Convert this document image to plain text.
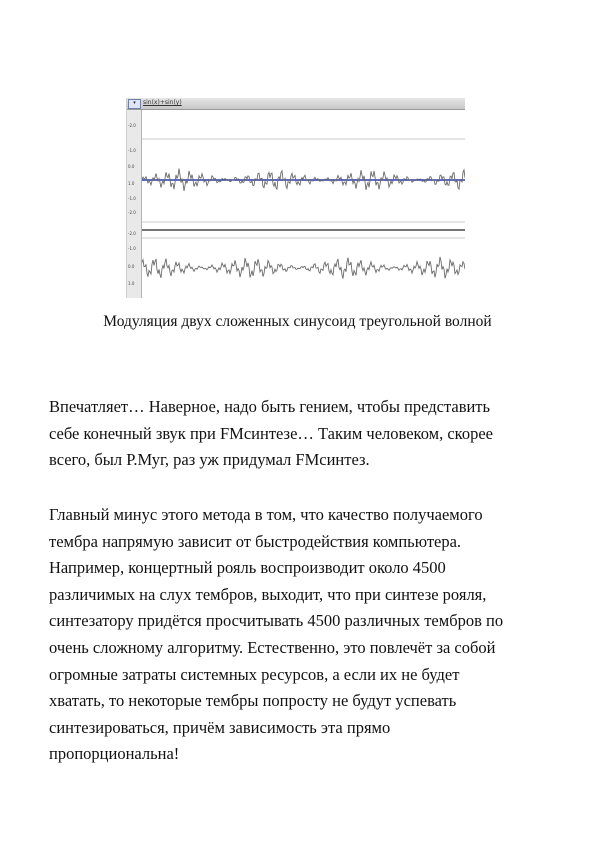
▾	sin(x)+sin(y)
-2.0
-1.0
0.0
1.0
-1.0
-2.0
-2.0
-1.0
0.0
1.0
Модуляция двух сложенных синусоид треугольной волной

Впечатляет… Наверное, надо быть гением, чтобы представить
себе конечный звук при FMсинтезе… Таким человеком, скорее
всего, был Р.Муг, раз уж придумал FMсинтез.

Главный минус этого метода в том, что качество получаемого
тембра напрямую зависит от быстродействия компьютера.
Например, концертный рояль воспроизводит около 4500
различимых на слух тембров, выходит, что при синтезе рояля,
синтезатору придётся просчитывать 4500 различных тембров по
очень сложному алгоритму. Естественно, это повлечёт за собой
огромные затраты системных ресурсов, а если их не будет
хватать, то некоторые тембры попросту не будут успевать
синтезироваться, причём зависимость эта прямо
пропорциональна!
